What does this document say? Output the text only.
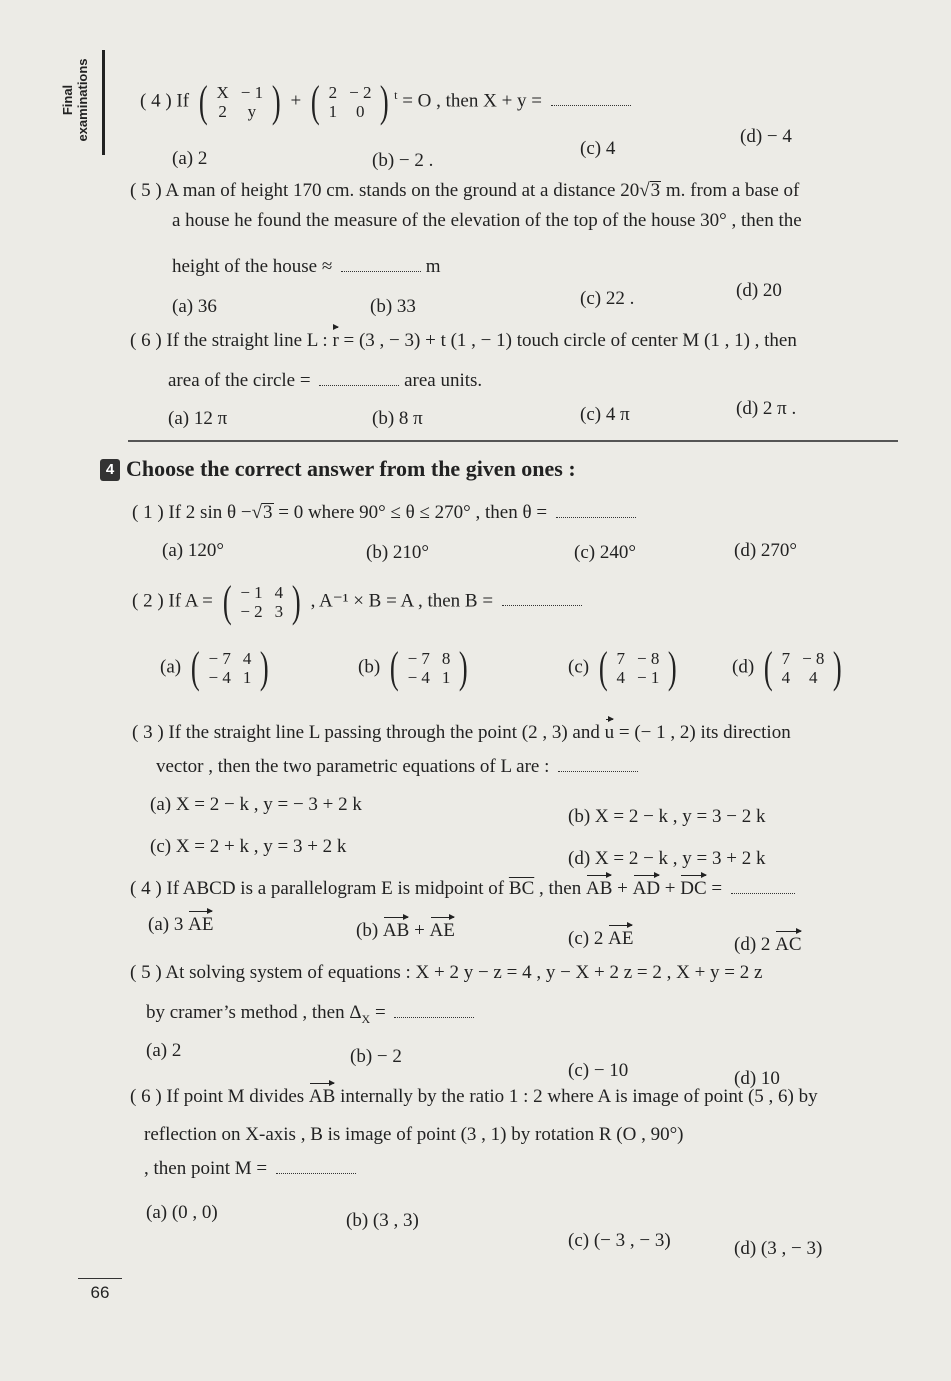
Final examinations	( 4 ) If ( X	− 1
2	y ) + ( 2	− 2
1	0 ) $^t$ = O , then X + y =
(a) 2	(b) − 2 .
(c) 4
(d) − 4
( 5 ) A man of height 170 cm. stands on the ground at a distance 20√3 m. from a base of
a house he found the measure of the elevation of the top of the house 30° , then the
height of the house ≈	m
(a) 36	(b) 33	(c) 22 .	(d) 20
( 6 ) If the straight line L : r = (3 , − 3) + t (1 , − 1) touch circle of center M (1 , 1) , then
area of the circle =	area units.
(a) 12 π	(b) 8 π	(c) 4 π	(d) 2 π .
4 Choose the correct answer from the given ones :
( 1 ) If 2 sin θ −√3 = 0 where 90° ≤ θ ≤ 270° , then θ =
(a) 120°	(b) 210°	(c) 240°	(d) 270°
( 2 ) If A = ( − 1	4
− 2	3 ) , A⁻¹ × B = A , then B =
(a) ( − 7	4
− 4	1 )	(b) ( − 7	8
− 4	1 )	(c) ( 7	− 8
4	− 1 )	(d) ( 7	− 8
4	4 )
( 3 ) If the straight line L passing through the point (2 , 3) and u = (− 1 , 2) its direction
vector , then the two parametric equations of L are :
(a) X = 2 − k , y = − 3 + 2 k
(b) X = 2 − k , y = 3 − 2 k
(c) X = 2 + k , y = 3 + 2 k
(d) X = 2 − k , y = 3 + 2 k
( 4 ) If ABCD is a parallelogram E is midpoint of $\overline{BC}$ , then AB + AD + DC =
(a) 3 AE	(b) AB + AE	(c) 2 AE	(d) 2 AC
( 5 ) At solving system of equations : X + 2 y − z = 4 , y − X + 2 z = 2 , X + y = 2 z
by cramer’s method , then $\Delta_X$ =
(a) 2	(b) − 2
(c) − 10	(d) 10
( 6 ) If point M divides AB internally by the ratio 1 : 2 where A is image of point (5 , 6) by
reflection on X-axis , B is image of point (3 , 1) by rotation R (O , 90°)
, then point M =
(a) (0 , 0)	(b) (3 , 3)
(c) (− 3 , − 3)	(d) (3 , − 3)
66
